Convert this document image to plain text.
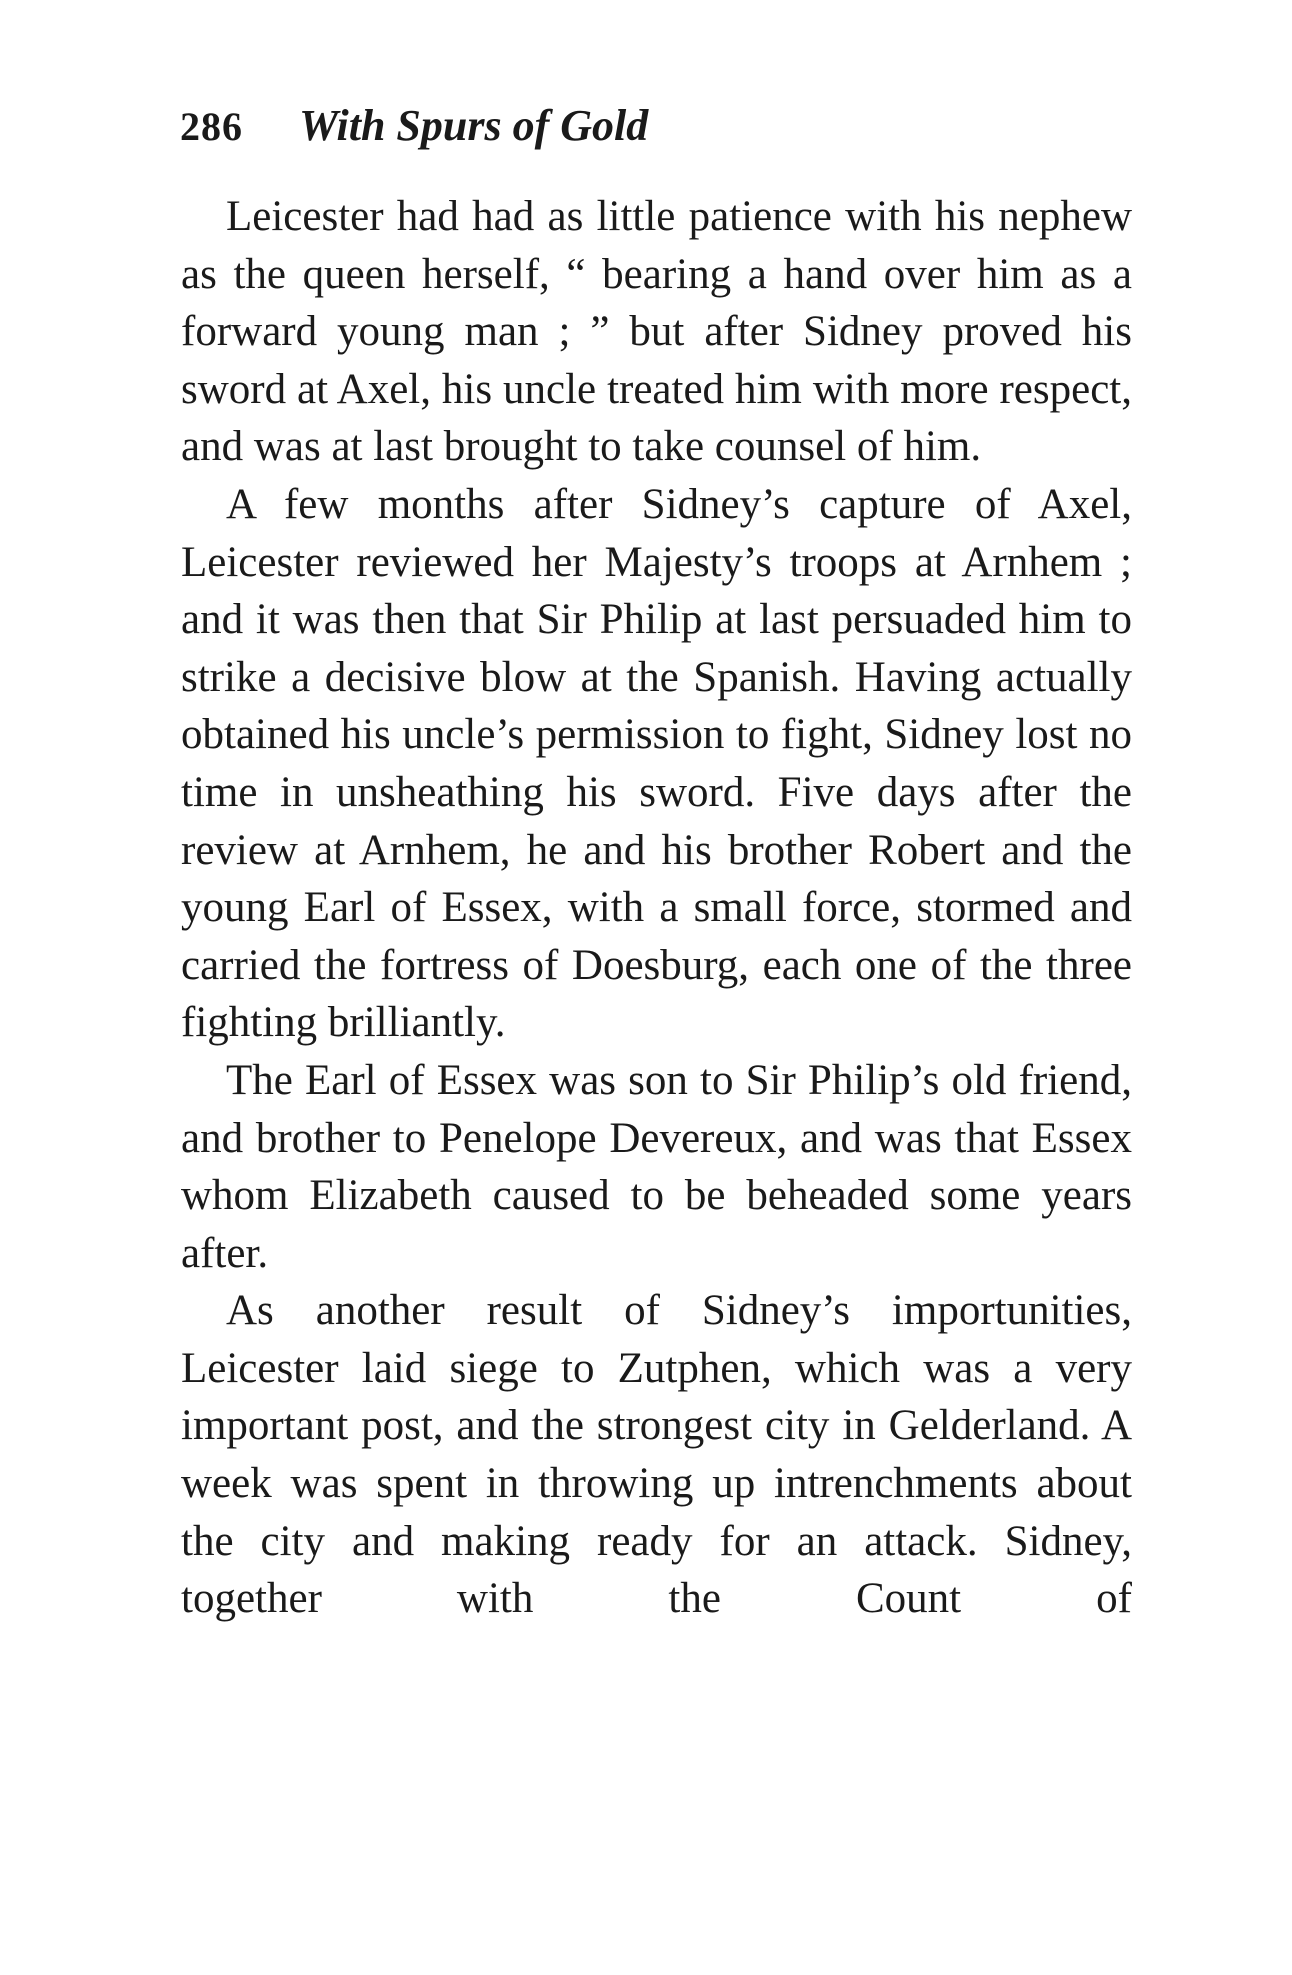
286 With Spurs of Gold

Leicester had had as little patience with his nephew as the queen herself, “ bearing a hand over him as a forward young man ; ” but after Sidney proved his sword at Axel, his uncle treated him with more respect, and was at last brought to take counsel of him.

A few months after Sidney’s capture of Axel, Leicester reviewed her Majesty’s troops at Arnhem ; and it was then that Sir Philip at last persuaded him to strike a decisive blow at the Spanish. Having actually obtained his uncle’s permission to fight, Sidney lost no time in unsheathing his sword. Five days after the review at Arnhem, he and his brother Robert and the young Earl of Essex, with a small force, stormed and carried the fortress of Doesburg, each one of the three fighting brilliantly.

The Earl of Essex was son to Sir Philip’s old friend, and brother to Penelope Devereux, and was that Essex whom Elizabeth caused to be beheaded some years after.

As another result of Sidney’s importunities, Leicester laid siege to Zutphen, which was a very important post, and the strongest city in Gelderland. A week was spent in throwing up intrenchments about the city and making ready for an attack. Sidney, together with the Count of
